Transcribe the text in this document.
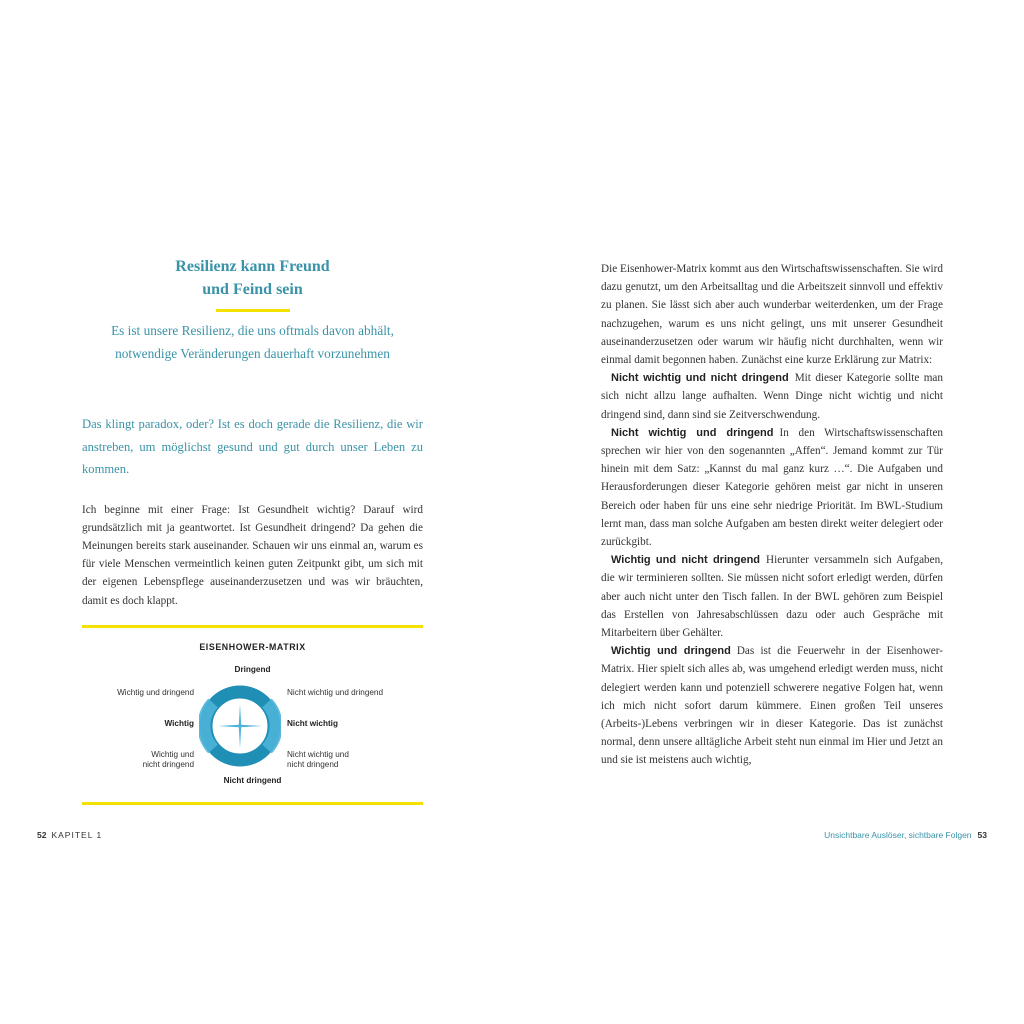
Resilienz kann Freund
und Feind sein
Es ist unsere Resilienz, die uns oftmals davon abhält,
notwendige Veränderungen dauerhaft vorzunehmen

Das klingt paradox, oder? Ist es doch gerade die Resilienz, die wir anstreben, um möglichst gesund und gut durch unser Leben zu kommen.

Ich beginne mit einer Frage: Ist Gesundheit wichtig? Darauf wird grundsätzlich mit ja geantwortet. Ist Gesundheit dringend? Da gehen die Meinungen bereits stark auseinander. Schauen wir uns einmal an, warum es für viele Menschen vermeintlich keinen guten Zeitpunkt gibt, um sich mit der eigenen Lebenspflege auseinanderzusetzen und was wir bräuchten, damit es doch klappt.

EISENHOWER-MATRIX
Dringend
Wichtig und dringend	Nicht wichtig und dringend
Wichtig	Nicht wichtig
Wichtig und
nicht dringend
Nicht wichtig und
nicht dringend
Nicht dringend

Die Eisenhower-Matrix kommt aus den Wirtschaftswissenschaften. Sie wird dazu genutzt, um den Arbeitsalltag und die Arbeitszeit sinnvoll und effektiv zu planen. Sie lässt sich aber auch wunderbar weiterdenken, um der Frage nachzugehen, warum es uns nicht gelingt, uns mit unserer Gesundheit auseinanderzusetzen oder warum wir häufig nicht durchhalten, wenn wir einmal damit begonnen haben. Zunächst eine kurze Erklärung zur Matrix:

Nicht wichtig und nicht dringend Mit dieser Kategorie sollte man sich nicht allzu lange aufhalten. Wenn Dinge nicht wichtig und nicht dringend sind, dann sind sie Zeitverschwendung.

Nicht wichtig und dringend In den Wirtschaftswissenschaften sprechen wir hier von den sogenannten „Affen“. Jemand kommt zur Tür hinein mit dem Satz: „Kannst du mal ganz kurz …“. Die Aufgaben und Herausforderungen dieser Kategorie gehören meist gar nicht in unseren Bereich oder haben für uns eine sehr niedrige Priorität. Im BWL-Studium lernt man, dass man solche Aufgaben am besten direkt weiter delegiert oder zurückgibt.

Wichtig und nicht dringend Hierunter versammeln sich Aufgaben, die wir terminieren sollten. Sie müssen nicht sofort erledigt werden, dürfen aber auch nicht unter den Tisch fallen. In der BWL gehören zum Beispiel das Erstellen von Jahresabschlüssen dazu oder auch Gespräche mit Mitarbeitern über Gehälter.

Wichtig und dringend Das ist die Feuerwehr in der Eisenhower-Matrix. Hier spielt sich alles ab, was umgehend erledigt werden muss, nicht delegiert werden kann und potenziell schwerere negative Folgen hat, wenn ich mich nicht sofort darum kümmere. Einen großen Teil unseres (Arbeits-)Lebens verbringen wir in dieser Kategorie. Das ist zunächst normal, denn unsere alltägliche Arbeit steht nun einmal im Hier und Jetzt an und sie ist meistens auch wichtig,

52 KAPITEL 1	Unsichtbare Auslöser, sichtbare Folgen 53
